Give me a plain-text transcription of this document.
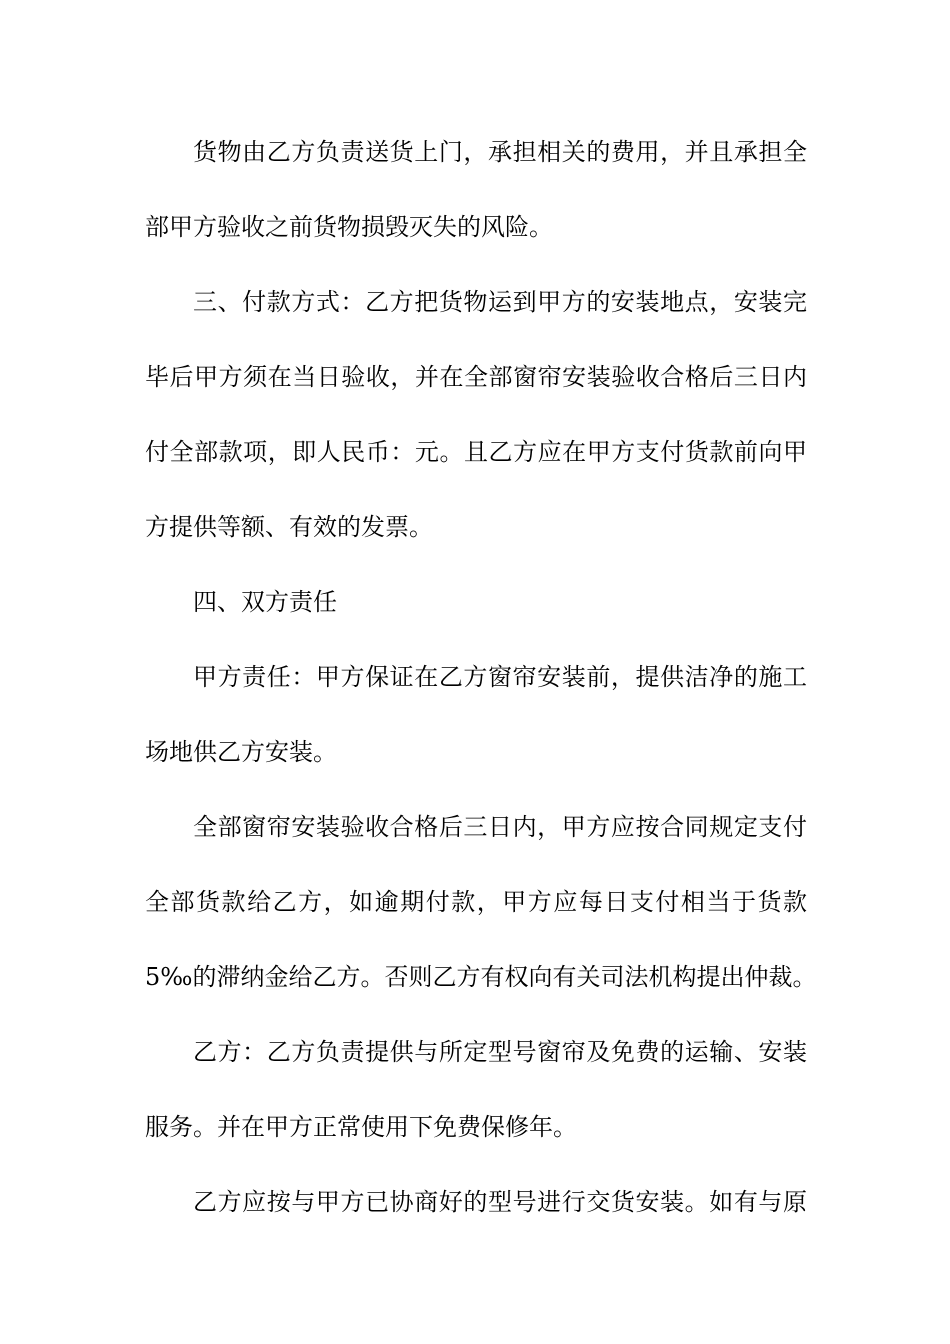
货物由乙方负责送货上门，承担相关的费用，并且承担全
部甲方验收之前货物损毁灭失的风险。
三、付款方式：乙方把货物运到甲方的安装地点，安装完
毕后甲方须在当日验收，并在全部窗帘安装验收合格后三日内
付全部款项，即人民币：元。且乙方应在甲方支付货款前向甲
方提供等额、有效的发票。
四、双方责任
甲方责任：甲方保证在乙方窗帘安装前，提供洁净的施工
场地供乙方安装。
全部窗帘安装验收合格后三日内，甲方应按合同规定支付
全部货款给乙方，如逾期付款，甲方应每日支付相当于货款
5‰的滞纳金给乙方。否则乙方有权向有关司法机构提出仲裁。
乙方：乙方负责提供与所定型号窗帘及免费的运输、安装
服务。并在甲方正常使用下免费保修年。
乙方应按与甲方已协商好的型号进行交货安装。如有与原
